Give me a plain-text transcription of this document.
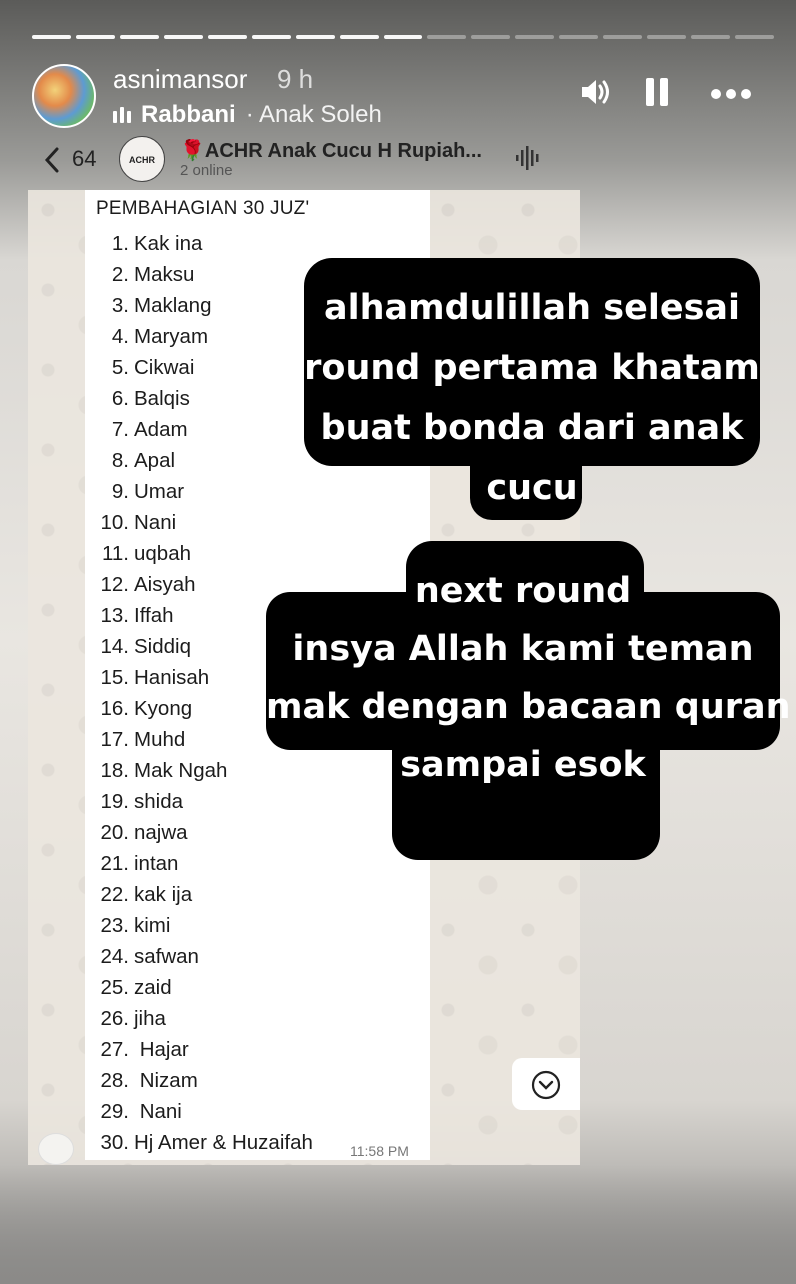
asnimansor 9 h
Rabbani · Anak Soleh
64	ACHR	🌹ACHR Anak Cucu H Rupiah...
2 online
PEMBAHAGIAN 30 JUZ'
1. Kak ina
2. Maksu
3. Maklang
4. Maryam
5. Cikwai
6. Balqis
7. Adam
8. Apal
9. Umar
10. Nani
11. uqbah
12. Aisyah
13. Iffah
14. Siddiq
15. Hanisah
16. Kyong
17. Muhd
18. Mak Ngah
19. shida
20. najwa
21. intan
22. kak ija
23. kimi
24. safwan
25. zaid
26. jiha
27. Hajar
28. Nizam
29. Nani
30. Hj Amer & Huzaifah	11:58 PM
alhamdulillah selesai
round pertama khatam
buat bonda dari anak
cucu
next round
insya Allah kami teman
mak dengan bacaan quran
sampai esok
